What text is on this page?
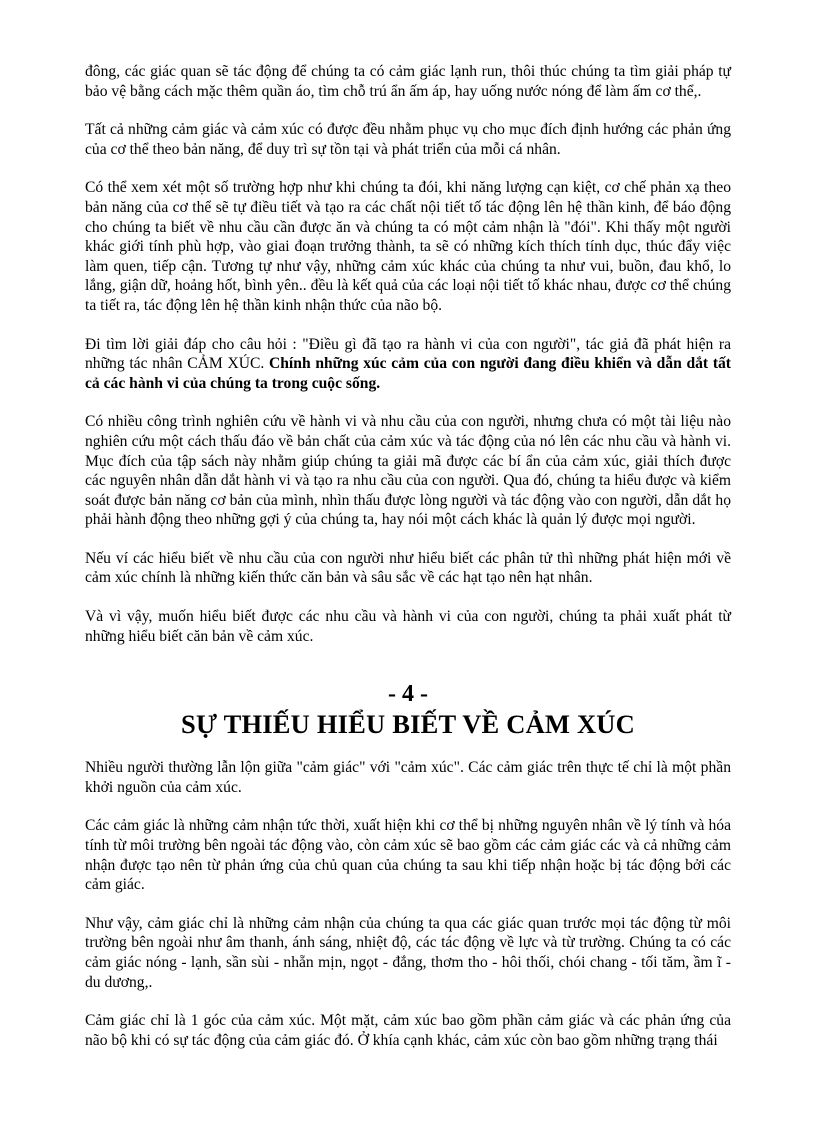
đông, các giác quan sẽ tác động để chúng ta có cảm giác lạnh run, thôi thúc chúng ta tìm giải pháp tự bảo vệ bằng cách mặc thêm quần áo, tìm chỗ trú ẩn ấm áp, hay uống nước nóng để làm ấm cơ thể,.

Tất cả những cảm giác và cảm xúc có được đều nhằm phục vụ cho mục đích định hướng các phản ứng của cơ thể theo bản năng, để duy trì sự tồn tại và phát triển của mỗi cá nhân.

Có thể xem xét một số trường hợp như khi chúng ta đói, khi năng lượng cạn kiệt, cơ chế phản xạ theo bản năng của cơ thể sẽ tự điều tiết và tạo ra các chất nội tiết tố tác động lên hệ thần kinh, để báo động cho chúng ta biết về nhu cầu cần được ăn và chúng ta có một cảm nhận là "đói". Khi thấy một người khác giới tính phù hợp, vào giai đoạn trưởng thành, ta sẽ có những kích thích tính dục, thúc đẩy việc làm quen, tiếp cận. Tương tự như vậy, những cảm xúc khác của chúng ta như vui, buồn, đau khổ, lo lắng, giận dữ, hoảng hốt, bình yên.. đều là kết quả của các loại nội tiết tố khác nhau, được cơ thể chúng ta tiết ra, tác động lên hệ thần kinh nhận thức của não bộ.

Đi tìm lời giải đáp cho câu hỏi : "Điều gì đã tạo ra hành vi của con người", tác giả đã phát hiện ra những tác nhân CẢM XÚC. Chính những xúc cảm của con người đang điều khiển và dẫn dắt tất cả các hành vi của chúng ta trong cuộc sống.

Có nhiều công trình nghiên cứu về hành vi và nhu cầu của con người, nhưng chưa có một tài liệu nào nghiên cứu một cách thấu đáo về bản chất của cảm xúc và tác động của nó lên các nhu cầu và hành vi. Mục đích của tập sách này nhằm giúp chúng ta giải mã được các bí ẩn của cảm xúc, giải thích được các nguyên nhân dẫn dắt hành vi và tạo ra nhu cầu của con người. Qua đó, chúng ta hiểu được và kiểm soát được bản năng cơ bản của mình, nhìn thấu được lòng người và tác động vào con người, dẫn dắt họ phải hành động theo những gợi ý của chúng ta, hay nói một cách khác là quản lý được mọi người.

Nếu ví các hiểu biết về nhu cầu của con người như hiểu biết các phân tử thì những phát hiện mới về cảm xúc chính là những kiến thức căn bản và sâu sắc về các hạt tạo nên hạt nhân.

Và vì vậy, muốn hiểu biết được các nhu cầu và hành vi của con người, chúng ta phải xuất phát từ những hiểu biết căn bản về cảm xúc.

- 4 -
SỰ THIẾU HIỂU BIẾT VỀ CẢM XÚC

Nhiều người thường lẫn lộn giữa "cảm giác" với "cảm xúc". Các cảm giác trên thực tế chỉ là một phần khởi nguồn của cảm xúc.

Các cảm giác là những cảm nhận tức thời, xuất hiện khi cơ thể bị những nguyên nhân về lý tính và hóa tính từ môi trường bên ngoài tác động vào, còn cảm xúc sẽ bao gồm các cảm giác các và cả những cảm nhận được tạo nên từ phản ứng của chủ quan của chúng ta sau khi tiếp nhận hoặc bị tác động bởi các cảm giác.

Như vậy, cảm giác chỉ là những cảm nhận của chúng ta qua các giác quan trước mọi tác động từ môi trường bên ngoài như âm thanh, ánh sáng, nhiệt độ, các tác động về lực và từ trường. Chúng ta có các cảm giác nóng - lạnh, sần sùi - nhẵn mịn, ngọt - đắng, thơm tho - hôi thối, chói chang - tối tăm, ầm ĩ - du dương,.

Cảm giác chỉ là 1 góc của cảm xúc. Một mặt, cảm xúc bao gồm phần cảm giác và các phản ứng của não bộ khi có sự tác động của cảm giác đó. Ở khía cạnh khác, cảm xúc còn bao gồm những trạng thái
